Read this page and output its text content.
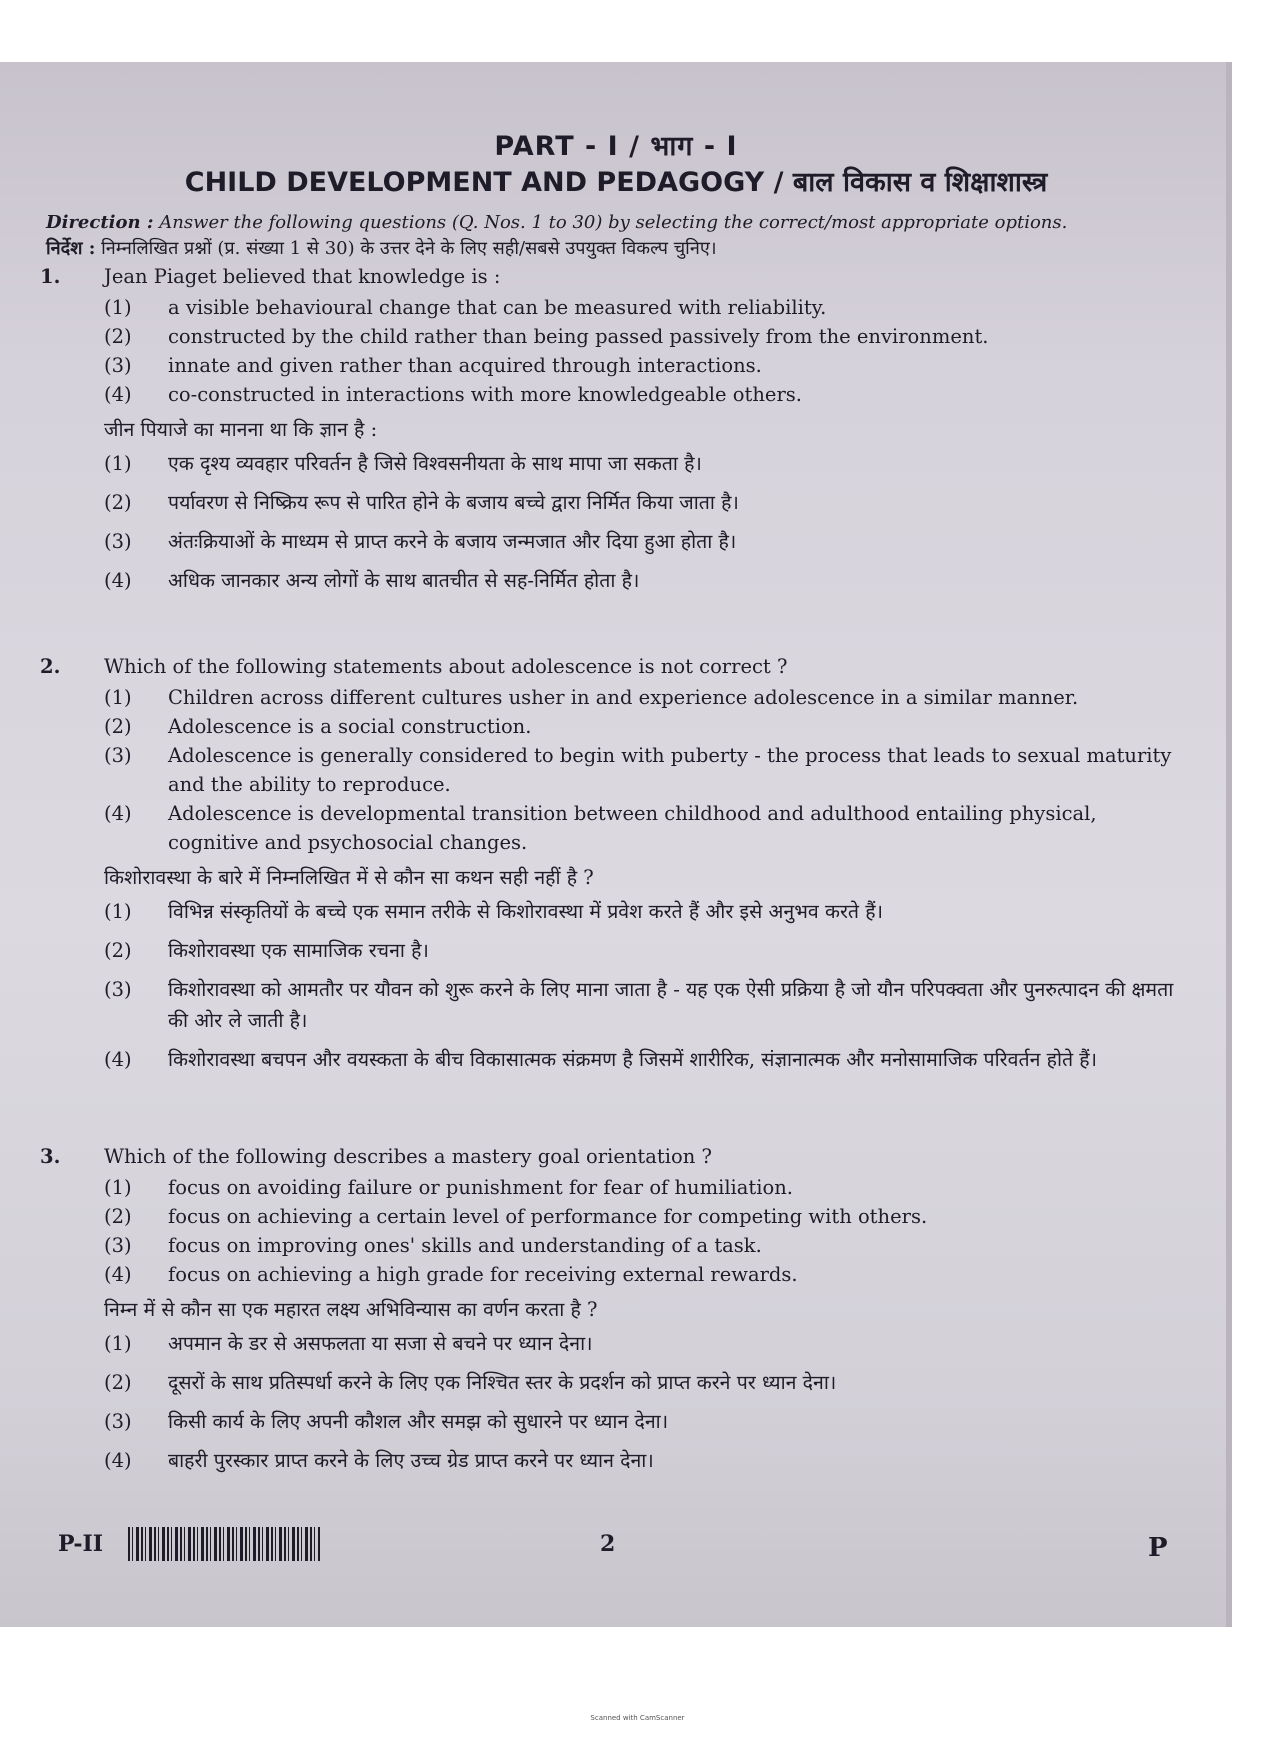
PART - I / भाग - I
CHILD DEVELOPMENT AND PEDAGOGY / बाल विकास व शिक्षाशास्त्र
Direction : Answer the following questions (Q. Nos. 1 to 30) by selecting the correct/most appropriate options.
निर्देश : निम्नलिखित प्रश्नों (प्र. संख्या 1 से 30) के उत्तर देने के लिए सही/सबसे उपयुक्त विकल्प चुनिए।
1. Jean Piaget believed that knowledge is :
(1) a visible behavioural change that can be measured with reliability.
(2) constructed by the child rather than being passed passively from the environment.
(3) innate and given rather than acquired through interactions.
(4) co-constructed in interactions with more knowledgeable others.
जीन पियाजे का मानना था कि ज्ञान है :
(1) एक दृश्य व्यवहार परिवर्तन है जिसे विश्वसनीयता के साथ मापा जा सकता है।
(2) पर्यावरण से निष्क्रिय रूप से पारित होने के बजाय बच्चे द्वारा निर्मित किया जाता है।
(3) अंतःक्रियाओं के माध्यम से प्राप्त करने के बजाय जन्मजात और दिया हुआ होता है।
(4) अधिक जानकार अन्य लोगों के साथ बातचीत से सह-निर्मित होता है।
2. Which of the following statements about adolescence is not correct ?
(1) Children across different cultures usher in and experience adolescence in a similar manner.
(2) Adolescence is a social construction.
(3) Adolescence is generally considered to begin with puberty - the process that leads to sexual maturity and the ability to reproduce.
(4) Adolescence is developmental transition between childhood and adulthood entailing physical, cognitive and psychosocial changes.
किशोरावस्था के बारे में निम्नलिखित में से कौन सा कथन सही नहीं है ?
(1) विभिन्न संस्कृतियों के बच्चे एक समान तरीके से किशोरावस्था में प्रवेश करते हैं और इसे अनुभव करते हैं।
(2) किशोरावस्था एक सामाजिक रचना है।
(3) किशोरावस्था को आमतौर पर यौवन को शुरू करने के लिए माना जाता है - यह एक ऐसी प्रक्रिया है जो यौन परिपक्वता और पुनरुत्पादन की क्षमता की ओर ले जाती है।
(4) किशोरावस्था बचपन और वयस्कता के बीच विकासात्मक संक्रमण है जिसमें शारीरिक, संज्ञानात्मक और मनोसामाजिक परिवर्तन होते हैं।
3. Which of the following describes a mastery goal orientation ?
(1) focus on avoiding failure or punishment for fear of humiliation.
(2) focus on achieving a certain level of performance for competing with others.
(3) focus on improving ones' skills and understanding of a task.
(4) focus on achieving a high grade for receiving external rewards.
निम्न में से कौन सा एक महारत लक्ष्य अभिविन्यास का वर्णन करता है ?
(1) अपमान के डर से असफलता या सजा से बचने पर ध्यान देना।
(2) दूसरों के साथ प्रतिस्पर्धा करने के लिए एक निश्चित स्तर के प्रदर्शन को प्राप्त करने पर ध्यान देना।
(3) किसी कार्य के लिए अपनी कौशल और समझ को सुधारने पर ध्यान देना।
(4) बाहरी पुरस्कार प्राप्त करने के लिए उच्च ग्रेड प्राप्त करने पर ध्यान देना।
P-II	2	P
Scanned with CamScanner
